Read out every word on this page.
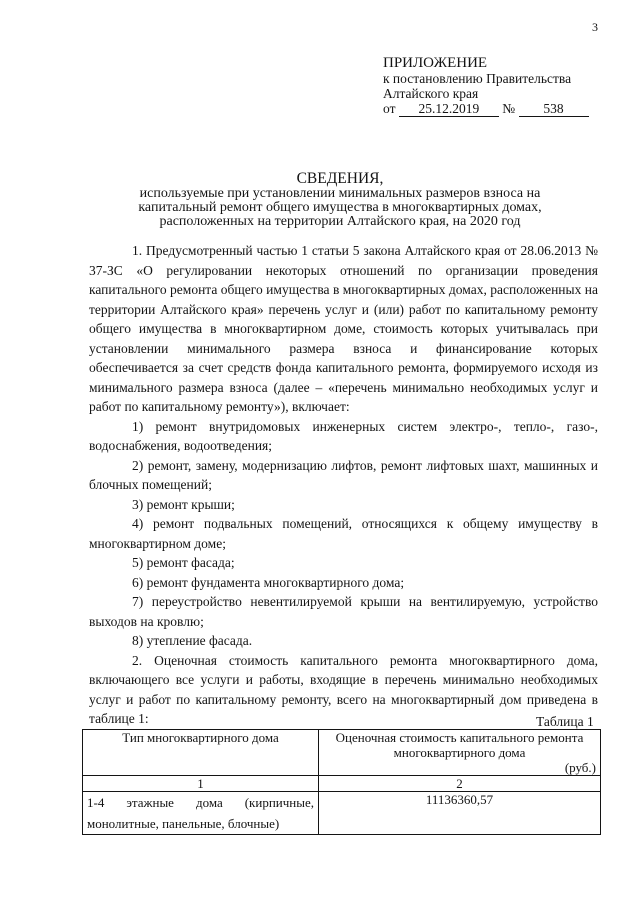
3
ПРИЛОЖЕНИЕ
к постановлению Правительства
Алтайского края
от 25.12.2019 № 538
СВЕДЕНИЯ,
используемые при установлении минимальных размеров взноса на
капитальный ремонт общего имущества в многоквартирных домах,
расположенных на территории Алтайского края, на 2020 год

1. Предусмотренный частью 1 статьи 5 закона Алтайского края от 28.06.2013 № 37-ЗС «О регулировании некоторых отношений по организации проведения капитального ремонта общего имущества в многоквартирных домах, расположенных на территории Алтайского края» перечень услуг и (или) работ по капитальному ремонту общего имущества в многоквартирном доме, стоимость которых учитывалась при установлении минимального размера взноса и финансирование которых обеспечивается за счет средств фонда капитального ремонта, формируемого исходя из минимального размера взноса (далее – «перечень минимально необходимых услуг и работ по капитальному ремонту»), включает:

1) ремонт внутридомовых инженерных систем электро-, тепло-, газо-, водоснабжения, водоотведения;

2) ремонт, замену, модернизацию лифтов, ремонт лифтовых шахт, машинных и блочных помещений;

3) ремонт крыши;

4) ремонт подвальных помещений, относящихся к общему имуществу в многоквартирном доме;

5) ремонт фасада;

6) ремонт фундамента многоквартирного дома;

7) переустройство невентилируемой крыши на вентилируемую, устройство выходов на кровлю;

8) утепление фасада.

2. Оценочная стоимость капитального ремонта многоквартирного дома, включающего все услуги и работы, входящие в перечень минимально необходимых услуг и работ по капитальному ремонту, всего на многоквартирный дом приведена в таблице 1:	Таблица 1
Тип многоквартирного дома	Оценочная стоимость капитального ремонта многоквартирного дома
(руб.)

1	2
1-4 этажные дома (кирпичные, монолитные, панельные, блочные)	11136360,57
